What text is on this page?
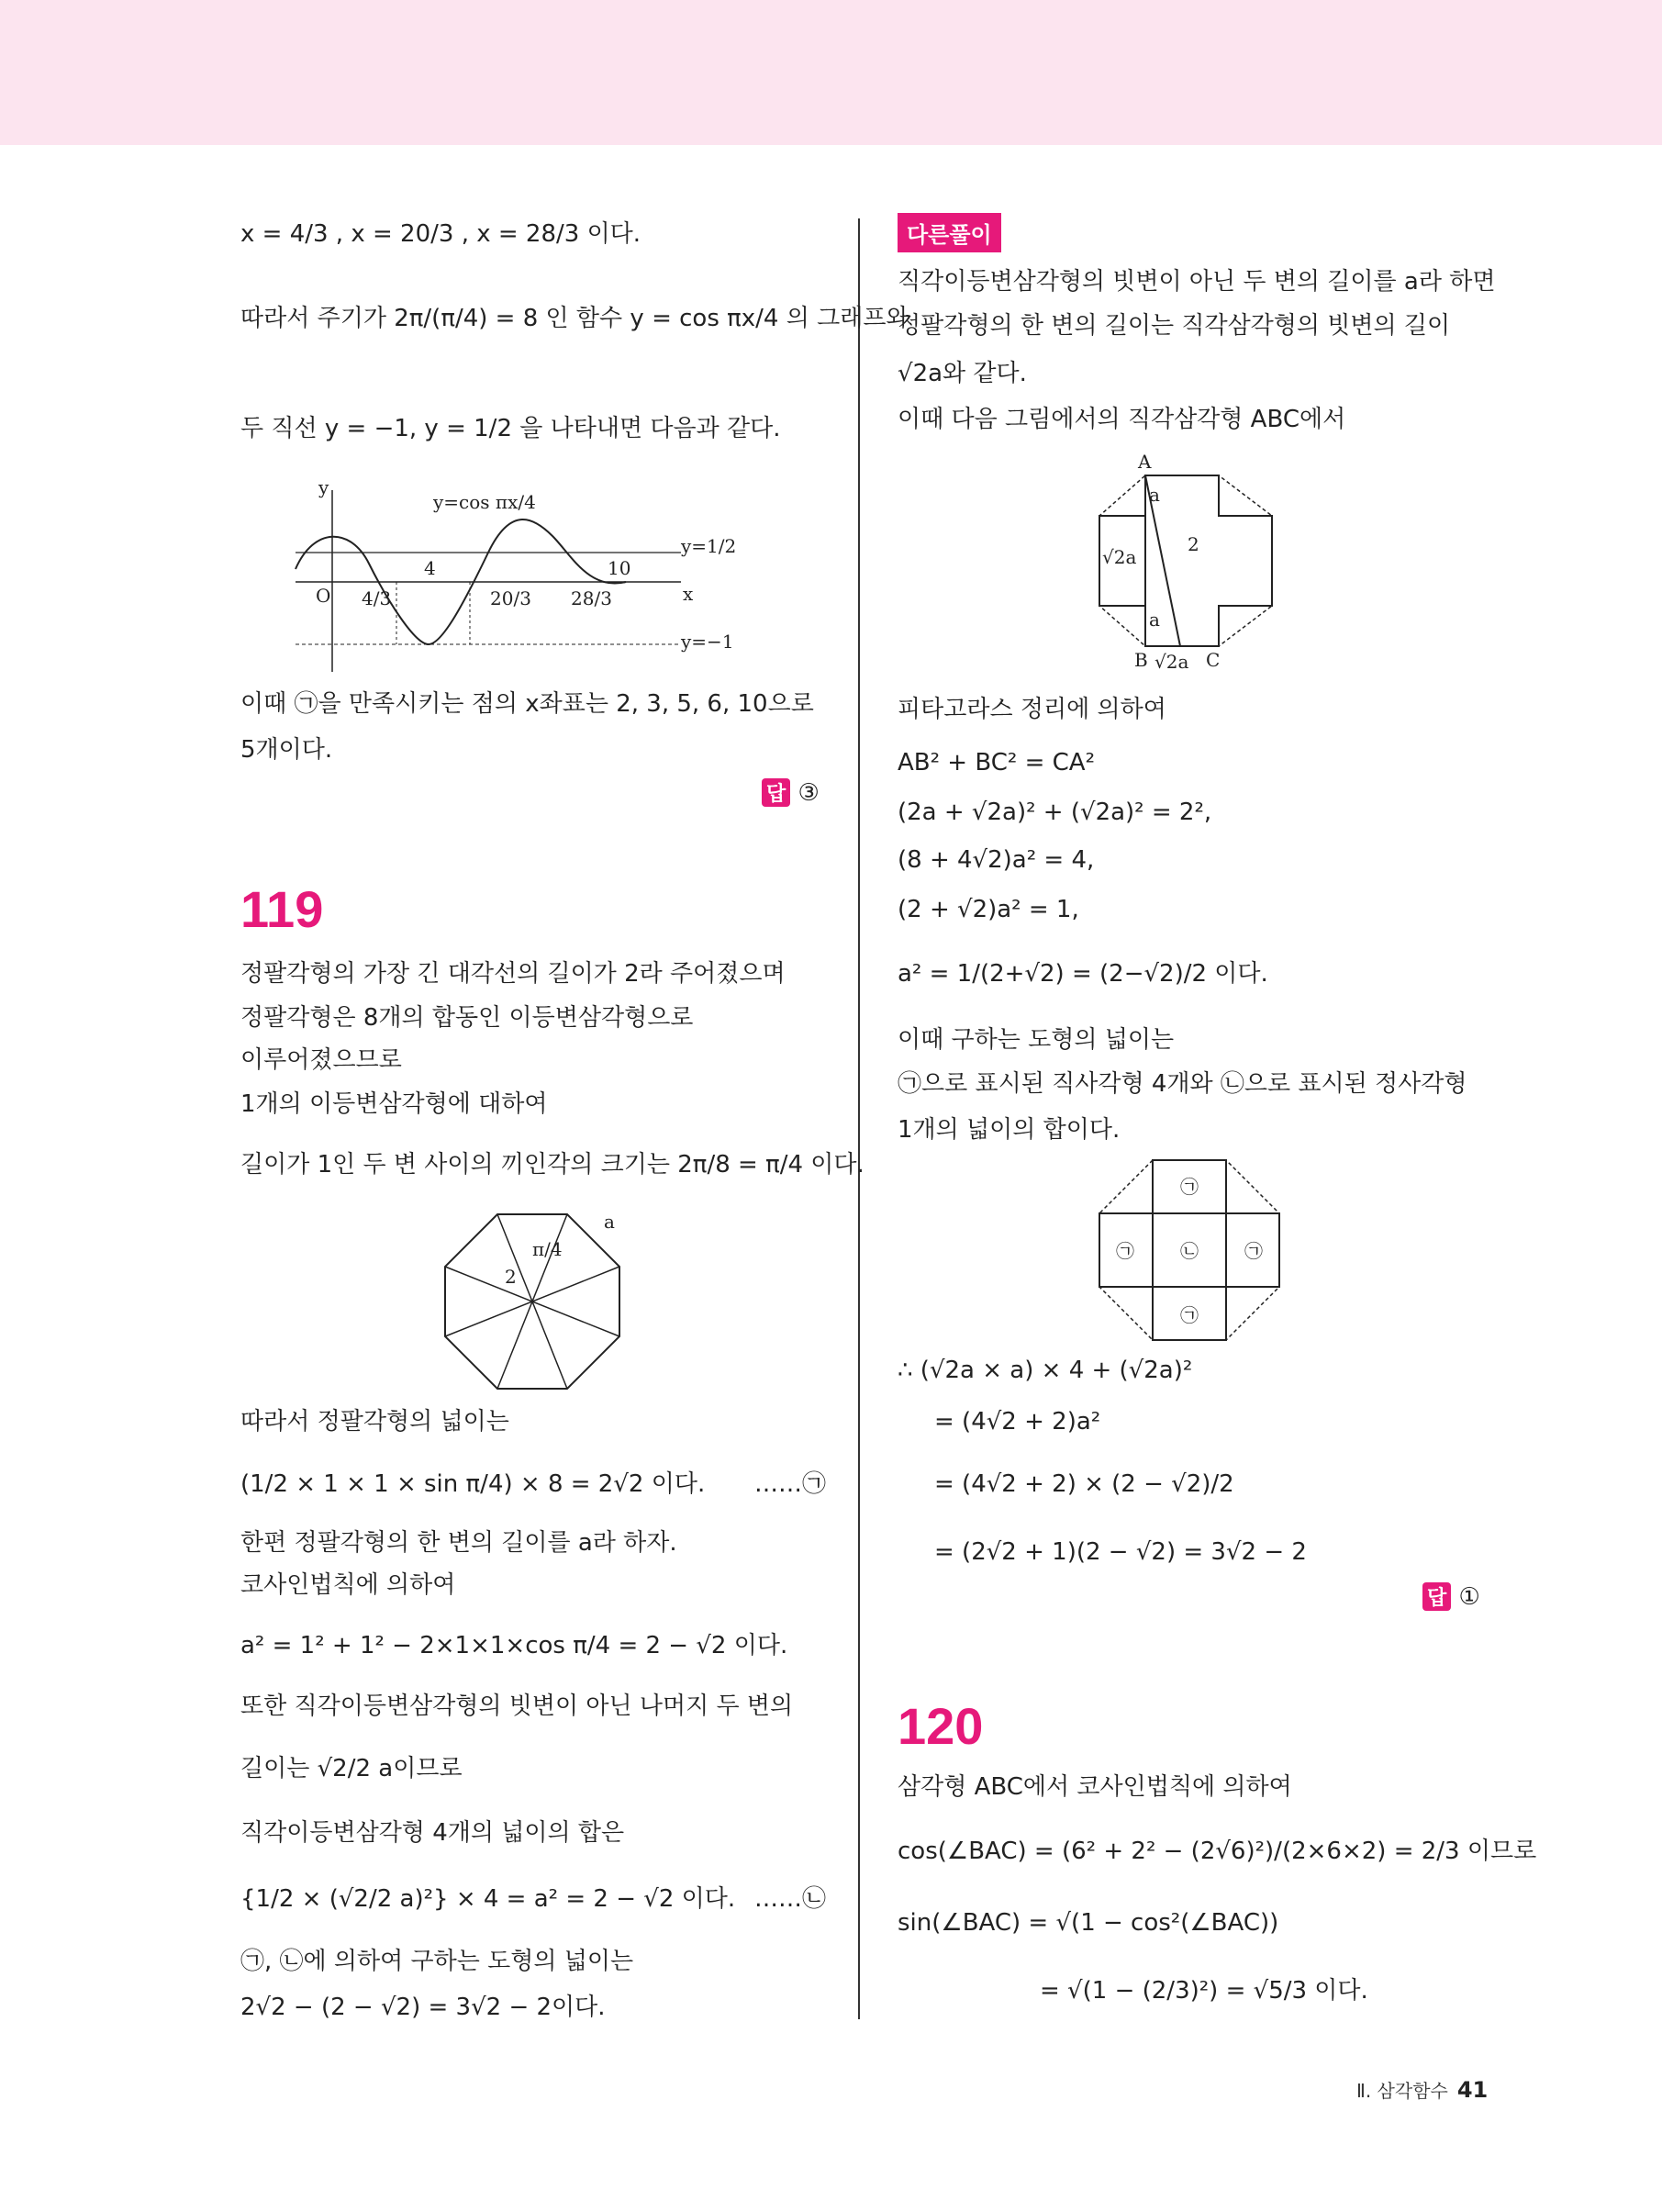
x = 4/3 , x = 20/3 , x = 28/3 이다.
따라서 주기가 2π/(π/4) = 8 인 함수 y = cos πx/4 의 그래프와
두 직선 y = −1, y = 1/2 을 나타내면 다음과 같다.
y
x
O
y=cos πx/4
y=1/2
y=−1
4/3
4
20/3 28/3
10
이때 ㉠을 만족시키는 점의 x좌표는 2, 3, 5, 6, 10으로
5개이다.
답 ③
119
정팔각형의 가장 긴 대각선의 길이가 2라 주어졌으며
정팔각형은 8개의 합동인 이등변삼각형으로
이루어졌으므로
1개의 이등변삼각형에 대하여
길이가 1인 두 변 사이의 끼인각의 크기는 2π/8 = π/4 이다.
2
π/4
a
따라서 정팔각형의 넓이는
(1/2 × 1 × 1 × sin π/4) × 8 = 2√2 이다. ……㉠
한편 정팔각형의 한 변의 길이를 a라 하자.
코사인법칙에 의하여
a² = 1² + 1² − 2×1×1×cos π/4 = 2 − √2 이다.
또한 직각이등변삼각형의 빗변이 아닌 나머지 두 변의
길이는 √2/2 a이므로
직각이등변삼각형 4개의 넓이의 합은
{1/2 × (√2/2 a)²} × 4 = a² = 2 − √2 이다. ……㉡
㉠, ㉡에 의하여 구하는 도형의 넓이는
2√2 − (2 − √2) = 3√2 − 2이다.
다른풀이
직각이등변삼각형의 빗변이 아닌 두 변의 길이를 a라 하면
정팔각형의 한 변의 길이는 직각삼각형의 빗변의 길이
√2a와 같다.
이때 다음 그림에서의 직각삼각형 ABC에서
A
B	C
a
a
2
√2a
√2a
피타고라스 정리에 의하여
AB² + BC² = CA²
(2a + √2a)² + (√2a)² = 2²,
(8 + 4√2)a² = 4,
(2 + √2)a² = 1,
a² = 1/(2+√2) = (2−√2)/2 이다.
이때 구하는 도형의 넓이는
㉠으로 표시된 직사각형 4개와 ㉡으로 표시된 정사각형
1개의 넓이의 합이다.
㉠
㉠
㉠	㉠
㉡
∴ (√2a × a) × 4 + (√2a)²
= (4√2 + 2)a²
= (4√2 + 2) × (2 − √2)/2
= (2√2 + 1)(2 − √2) = 3√2 − 2
답 ①
120
삼각형 ABC에서 코사인법칙에 의하여
cos(∠BAC) = (6² + 2² − (2√6)²)/(2×6×2) = 2/3 이므로
sin(∠BAC) = √(1 − cos²(∠BAC))
= √(1 − (2/3)²) = √5/3 이다.
Ⅱ. 삼각함수 41
